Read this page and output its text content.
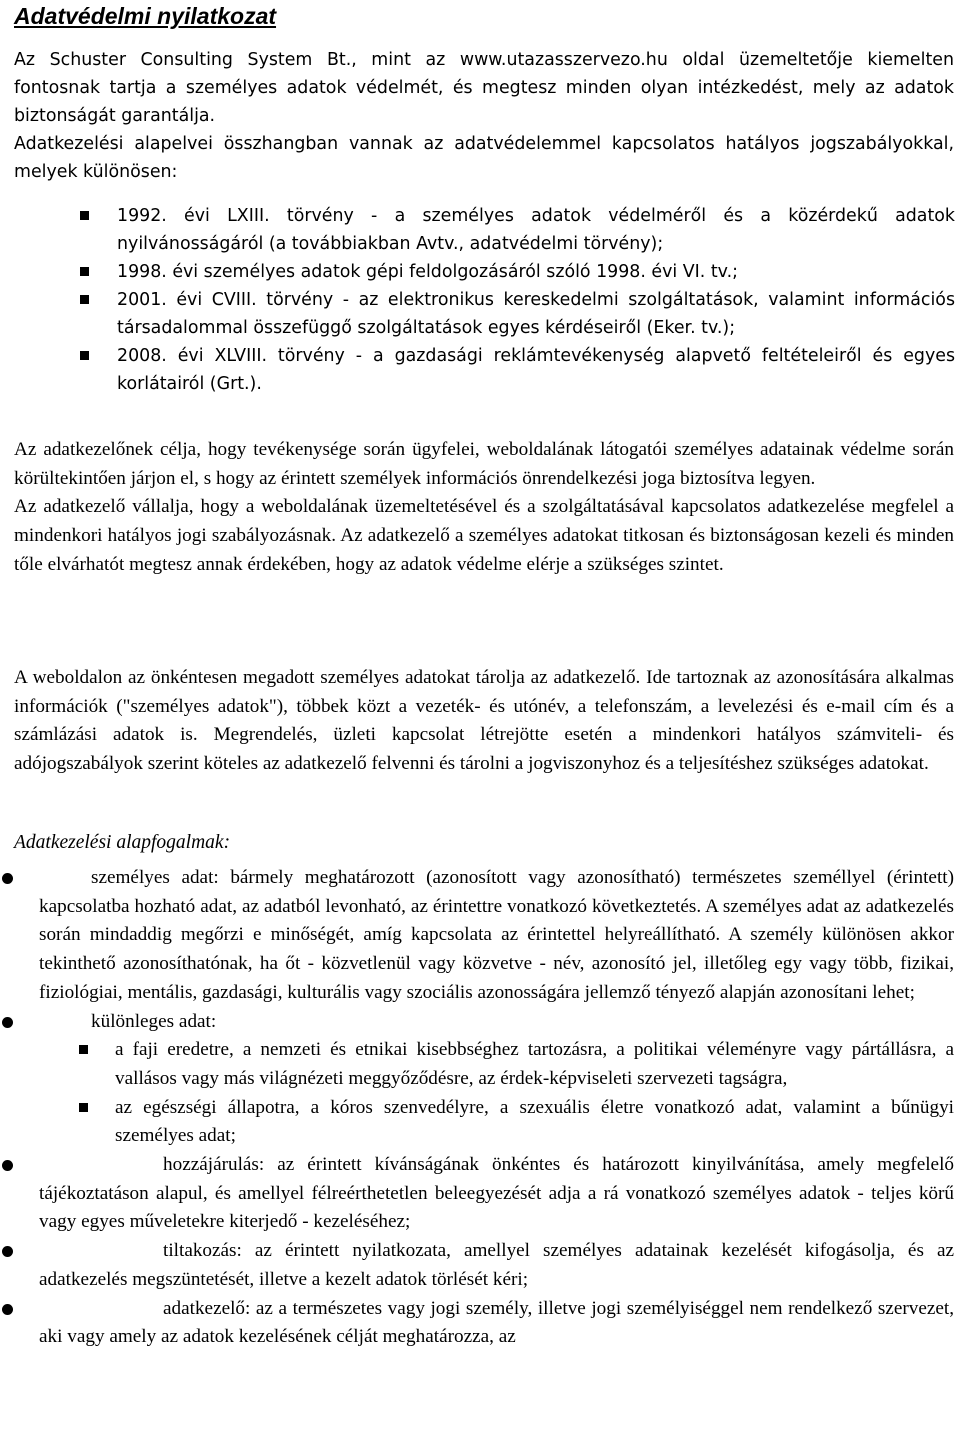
Adatvédelmi nyilatkozat

Az Schuster Consulting System Bt., mint az www.utazasszervezo.hu oldal üzemeltetője kiemelten fontosnak tartja a személyes adatok védelmét, és megtesz minden olyan intézkedést, mely az adatok biztonságát garantálja.

Adatkezelési alapelvei összhangban vannak az adatvédelemmel kapcsolatos hatályos jogszabályokkal, melyek különösen:

1992. évi LXIII. törvény - a személyes adatok védelméről és a közérdekű adatok nyilvánosságáról (a továbbiakban Avtv., adatvédelmi törvény);
1998. évi személyes adatok gépi feldolgozásáról szóló 1998. évi VI. tv.;
2001. évi CVIII. törvény - az elektronikus kereskedelmi szolgáltatások, valamint információs társadalommal összefüggő szolgáltatások egyes kérdéseiről (Eker. tv.);
2008. évi XLVIII. törvény - a gazdasági reklámtevékenység alapvető feltételeiről és egyes korlátairól (Grt.).

Az adatkezelőnek célja, hogy tevékenysége során ügyfelei, weboldalának látogatói személyes adatainak védelme során körültekintően járjon el, s hogy az érintett személyek információs önrendelkezési joga biztosítva legyen.

Az adatkezelő vállalja, hogy a weboldalának üzemeltetésével és a szolgáltatásával kapcsolatos adatkezelése megfelel a mindenkori hatályos jogi szabályozásnak. Az adatkezelő a személyes adatokat titkosan és biztonságosan kezeli és minden tőle elvárhatót megtesz annak érdekében, hogy az adatok védelme elérje a szükséges szintet.

A weboldalon az önkéntesen megadott személyes adatokat tárolja az adatkezelő. Ide tartoznak az azonosítására alkalmas információk ("személyes adatok"), többek közt a vezeték- és utónév, a telefonszám, a levelezési és e-mail cím és a számlázási adatok is. Megrendelés, üzleti kapcsolat létrejötte esetén a mindenkori hatályos számviteli- és adójogszabályok szerint köteles az adatkezelő felvenni és tárolni a jogviszonyhoz és a teljesítéshez szükséges adatokat.

Adatkezelési alapfogalmak:

személyes adat: bármely meghatározott (azonosított vagy azonosítható) természetes személlyel (érintett) kapcsolatba hozható adat, az adatból levonható, az érintettre vonatkozó következtetés. A személyes adat az adatkezelés során mindaddig megőrzi e minőségét, amíg kapcsolata az érintettel helyreállítható. A személy különösen akkor tekinthető azonosíthatónak, ha őt - közvetlenül vagy közvetve - név, azonosító jel, illetőleg egy vagy több, fizikai, fiziológiai, mentális, gazdasági, kulturális vagy szociális azonosságára jellemző tényező alapján azonosítani lehet;
különleges adat:
a faji eredetre, a nemzeti és etnikai kisebbséghez tartozásra, a politikai véleményre vagy pártállásra, a vallásos vagy más világnézeti meggyőződésre, az érdek-képviseleti szervezeti tagságra,
az egészségi állapotra, a kóros szenvedélyre, a szexuális életre vonatkozó adat, valamint a bűnügyi személyes adat;
hozzájárulás: az érintett kívánságának önkéntes és határozott kinyilvánítása, amely megfelelő tájékoztatáson alapul, és amellyel félreérthetetlen beleegyezését adja a rá vonatkozó személyes adatok - teljes körű vagy egyes műveletekre kiterjedő - kezeléséhez;
tiltakozás: az érintett nyilatkozata, amellyel személyes adatainak kezelését kifogásolja, és az adatkezelés megszüntetését, illetve a kezelt adatok törlését kéri;
adatkezelő: az a természetes vagy jogi személy, illetve jogi személyiséggel nem rendelkező szervezet, aki vagy amely az adatok kezelésének célját meghatározza, az
